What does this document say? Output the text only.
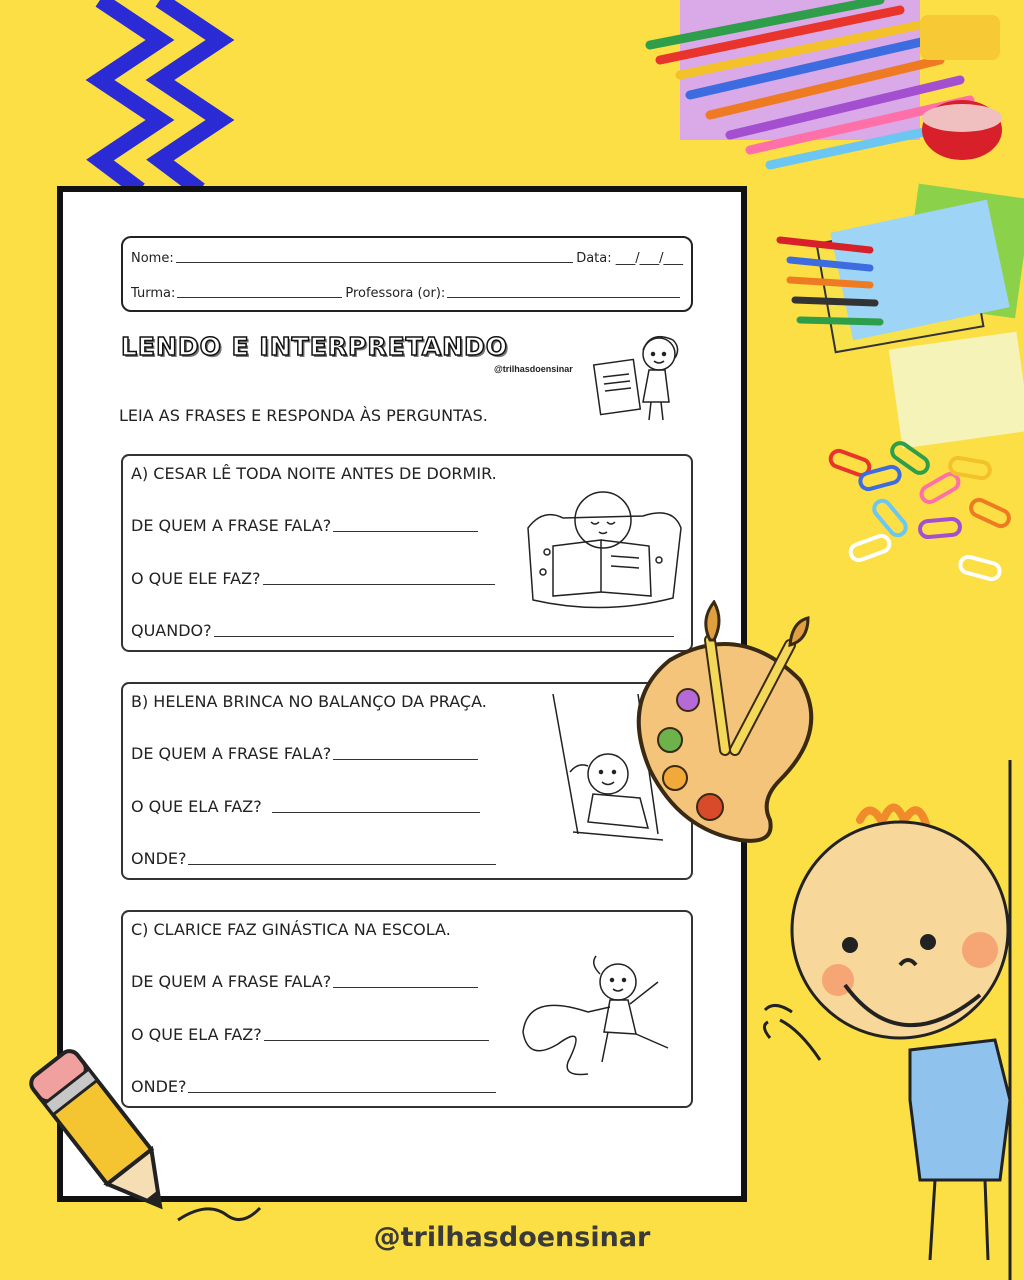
Nome:	Data: ___/___/___
Turma:	Professora (or):
LENDO E INTERPRETANDO
@trilhasdoensinar
LEIA AS FRASES E RESPONDA ÀS PERGUNTAS.
A) CESAR LÊ TODA NOITE ANTES DE DORMIR.
DE QUEM A FRASE FALA?
O QUE ELE FAZ?
QUANDO?
B) HELENA BRINCA NO BALANÇO DA PRAÇA.
DE QUEM A FRASE FALA?
O QUE ELA FAZ?
ONDE?
C) CLARICE FAZ GINÁSTICA NA ESCOLA.
DE QUEM A FRASE FALA?
O QUE ELA FAZ?
ONDE?
@trilhasdoensinar
